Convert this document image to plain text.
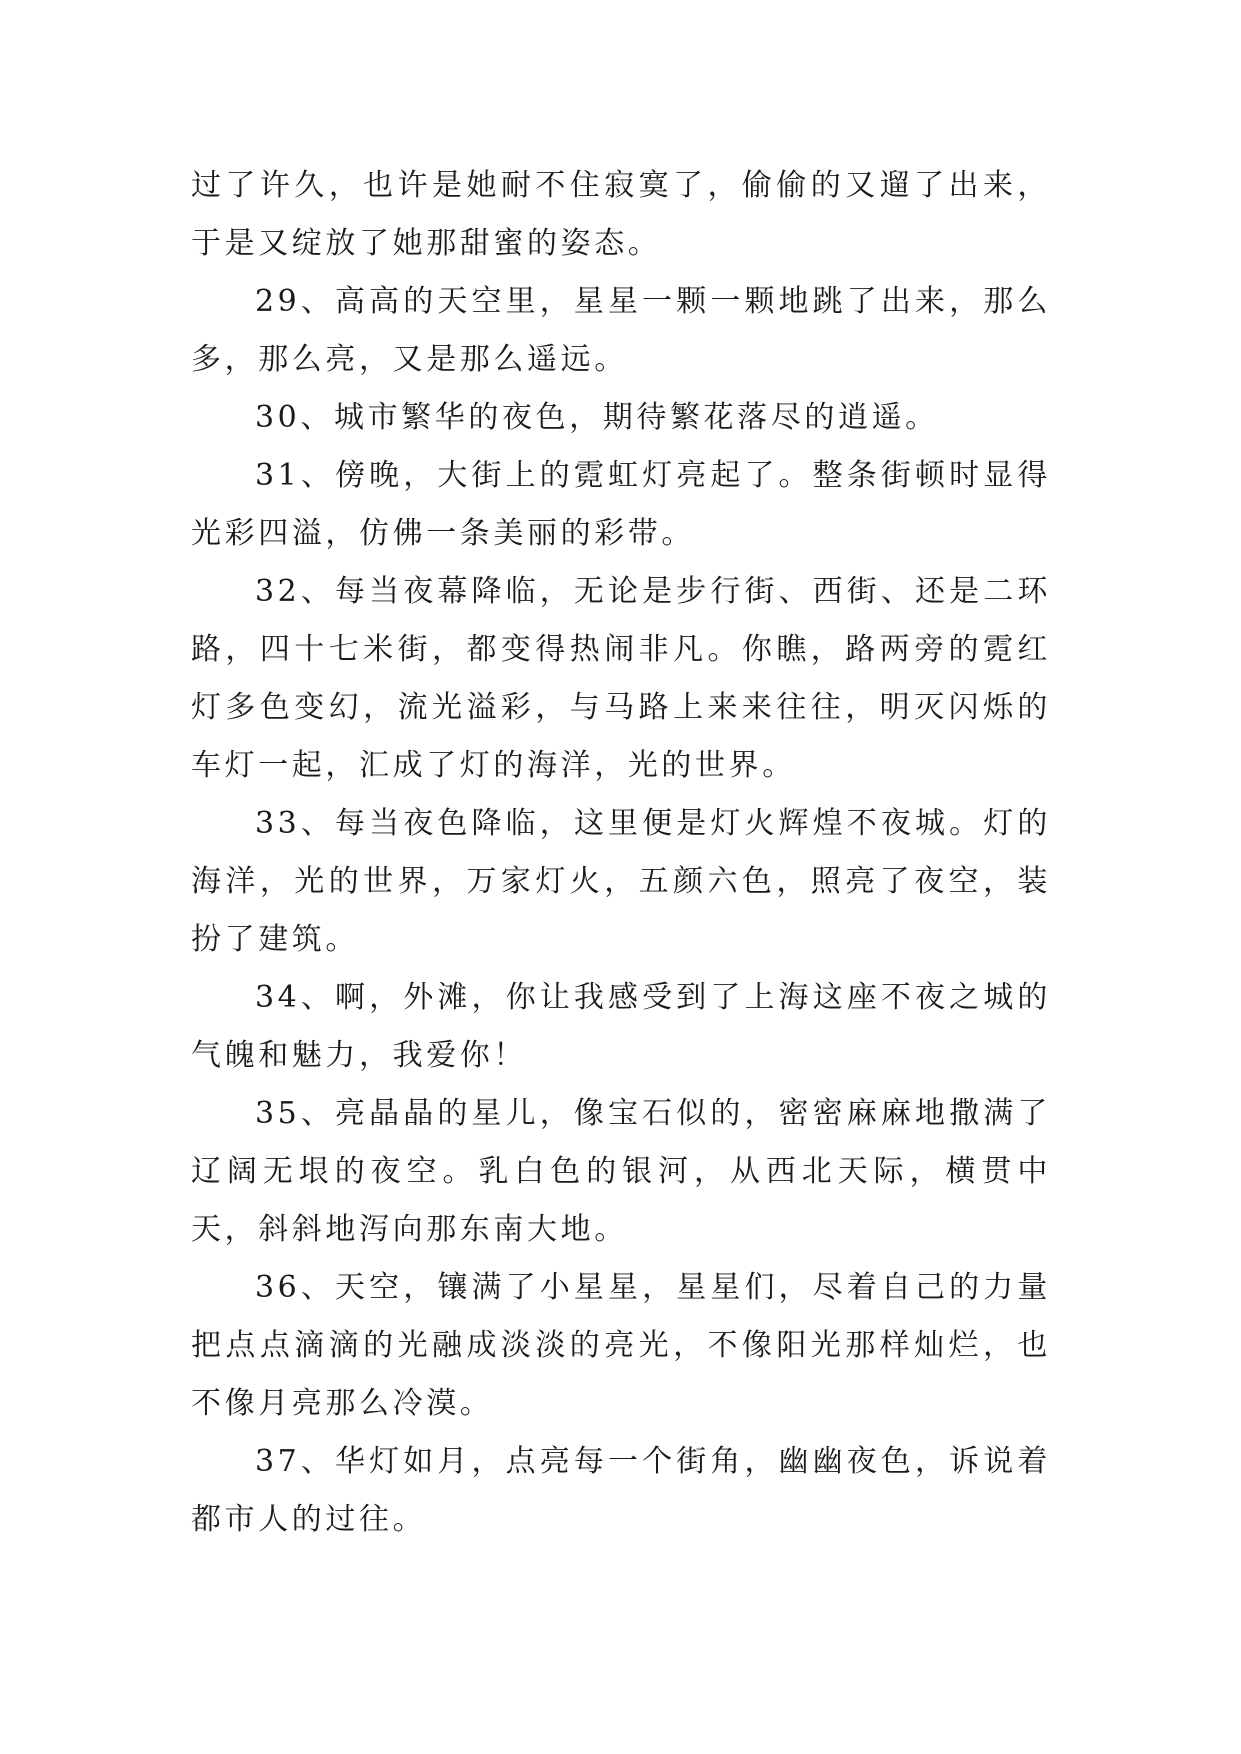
过了许久，也许是她耐不住寂寞了，偷偷的又遛了出来，于是又绽放了她那甜蜜的姿态。

29、高高的天空里，星星一颗一颗地跳了出来，那么多，那么亮，又是那么遥远。

30、城市繁华的夜色，期待繁花落尽的逍遥。

31、傍晚，大街上的霓虹灯亮起了。整条街顿时显得光彩四溢，仿佛一条美丽的彩带。

32、每当夜幕降临，无论是步行街、西街、还是二环路，四十七米街，都变得热闹非凡。你瞧，路两旁的霓红灯多色变幻，流光溢彩，与马路上来来往往，明灭闪烁的车灯一起，汇成了灯的海洋，光的世界。

33、每当夜色降临，这里便是灯火辉煌不夜城。灯的海洋，光的世界，万家灯火，五颜六色，照亮了夜空，装扮了建筑。

34、啊，外滩，你让我感受到了上海这座不夜之城的气魄和魅力，我爱你！

35、亮晶晶的星儿，像宝石似的，密密麻麻地撒满了辽阔无垠的夜空。乳白色的银河，从西北天际，横贯中天，斜斜地泻向那东南大地。

36、天空，镶满了小星星，星星们，尽着自己的力量把点点滴滴的光融成淡淡的亮光，不像阳光那样灿烂，也不像月亮那么冷漠。

37、华灯如月，点亮每一个街角，幽幽夜色，诉说着都市人的过往。
